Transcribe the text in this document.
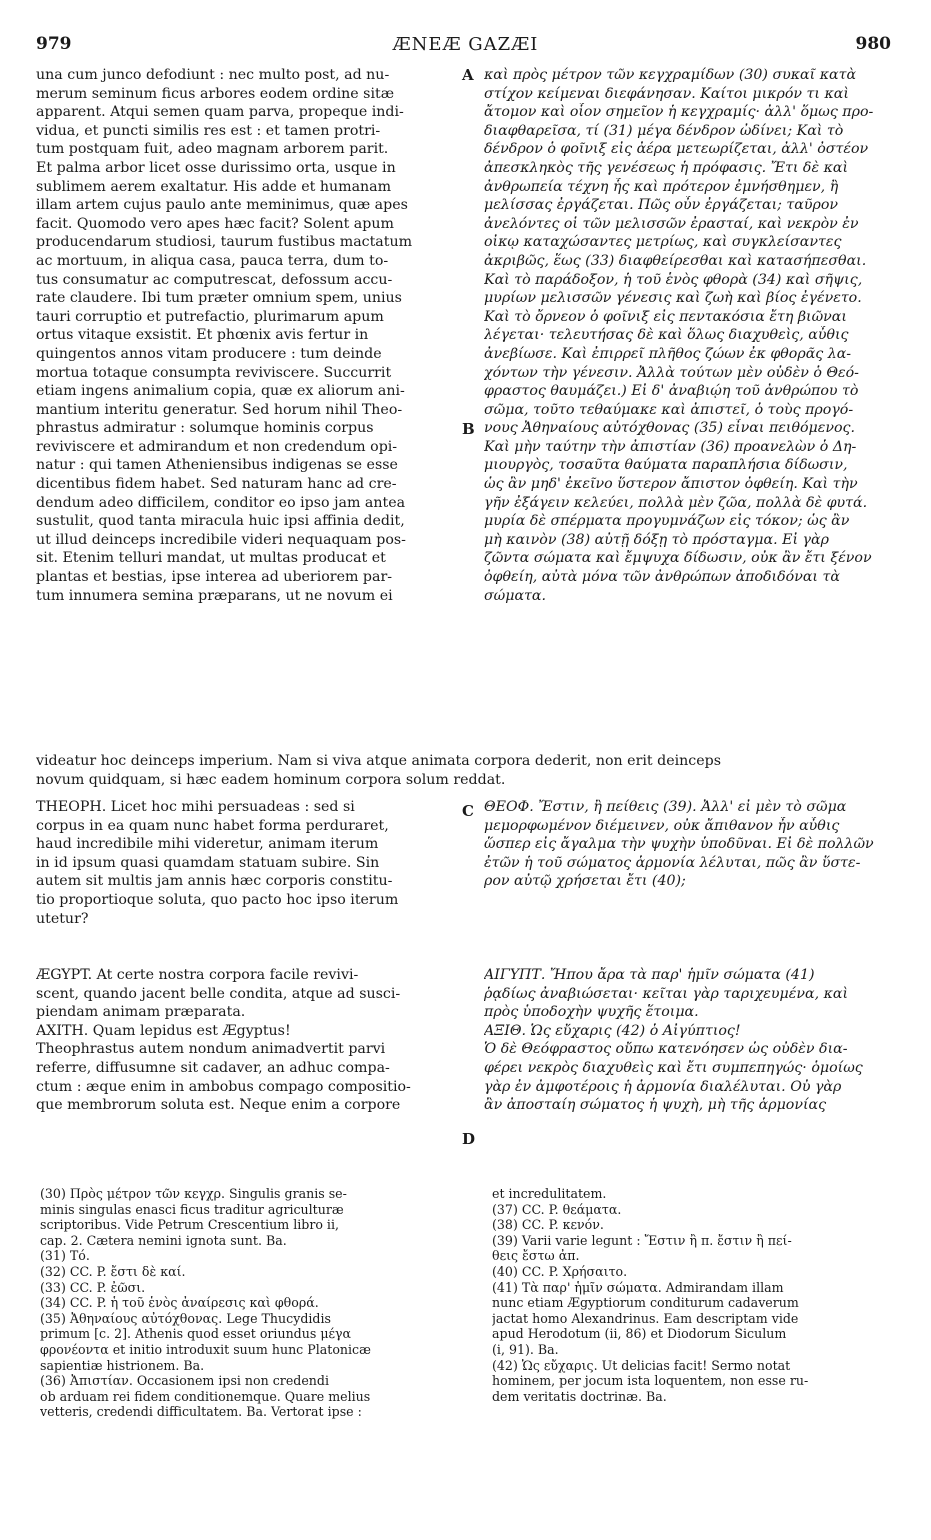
979	ÆNEÆ GAZÆI	980
A
B
C
D

una cum junco defodiunt : nec multo post, ad nu-

merum seminum ficus arbores eodem ordine sitæ

apparent. Atqui semen quam parva, propeque indi-

vidua, et puncti similis res est : et tamen protri-

tum postquam fuit, adeo magnam arborem parit.

Et palma arbor licet osse durissimo orta, usque in

sublimem aerem exaltatur. His adde et humanam

illam artem cujus paulo ante meminimus, quæ apes

facit. Quomodo vero apes hæc facit? Solent apum

producendarum studiosi, taurum fustibus mactatum

ac mortuum, in aliqua casa, pauca terra, dum to-

tus consumatur ac computrescat, defossum accu-

rate claudere. Ibi tum præter omnium spem, unius

tauri corruptio et putrefactio, plurimarum apum

ortus vitaque exsistit. Et phœnix avis fertur in

quingentos annos vitam producere : tum deinde

mortua totaque consumpta reviviscere. Succurrit

etiam ingens animalium copia, quæ ex aliorum ani-

mantium interitu generatur. Sed horum nihil Theo-

phrastus admiratur : solumque hominis corpus

reviviscere et admirandum et non credendum opi-

natur : qui tamen Atheniensibus indigenas se esse

dicentibus fidem habet. Sed naturam hanc ad cre-

dendum adeo difficilem, conditor eo ipso jam antea

sustulit, quod tanta miracula huic ipsi affinia dedit,

ut illud deinceps incredibile videri nequaquam pos-

sit. Etenim telluri mandat, ut multas producat et

plantas et bestias, ipse interea ad uberiorem par-

tum innumera semina præparans, ut ne novum ei

καὶ πρὸς μέτρον τῶν κεγχραμίδων (30) συκαῖ κατὰ

στίχον κείμεναι διεφάνησαν. Καίτοι μικρόν τι καὶ

ἄτομον καὶ οἷον σημεῖον ἡ κεγχραμίς· ἀλλ' ὅμως προ-

διαφθαρεῖσα, τί (31) μέγα δένδρον ὠδίνει; Καὶ τὸ

δένδρον ὁ φοῖνιξ εἰς ἀέρα μετεωρίζεται, ἀλλ' ὀστέον

ἀπεσκληκὸς τῆς γενέσεως ἡ πρόφασις. Ἔτι δὲ καὶ

ἀνθρωπεία τέχνη ἧς καὶ πρότερον ἐμνήσθημεν, ἢ

μελίσσας ἐργάζεται. Πῶς οὖν ἐργάζεται; ταῦρον

ἀνελόντες οἱ τῶν μελισσῶν ἐρασταί, καὶ νεκρὸν ἐν

οἰκῳ καταχώσαντες μετρίως, καὶ συγκλείσαντες

ἀκριβῶς, ἕως (33) διαφθείρεσθαι καὶ κατασήπεσθαι.

Καὶ τὸ παράδοξον, ἡ τοῦ ἑνὸς φθορὰ (34) καὶ σῆψις,

μυρίων μελισσῶν γένεσις καὶ ζωὴ καὶ βίος ἐγένετο.

Καὶ τὸ ὄρνεον ὁ φοῖνιξ εἰς πεντακόσια ἔτη βιῶναι

λέγεται· τελευτήσας δὲ καὶ ὅλως διαχυθεὶς, αὖθις

ἀνεβίωσε. Καὶ ἐπιρρεῖ πλῆθος ζώων ἐκ φθορᾶς λα-

χόντων τὴν γένεσιν. Ἀλλὰ τούτων μὲν οὐδὲν ὁ Θεό-

φραστος θαυμάζει.) Εἰ δ' ἀναβιῴη τοῦ ἀνθρώπου τὸ

σῶμα, τοῦτο τεθαύμακε καὶ ἀπιστεῖ, ὁ τοὺς προγό-

νους Ἀθηναίους αὐτόχθονας (35) εἶναι πειθόμενος.

Καὶ μὴν ταύτην τὴν ἀπιστίαν (36) προανελὼν ὁ Δη-

μιουργὸς, τοσαῦτα θαύματα παραπλήσια δίδωσιν,

ὡς ἂν μηδ' ἐκεῖνο ὕστερον ἄπιστον ὀφθείη. Καὶ τὴν

γῆν ἐξάγειν κελεύει, πολλὰ μὲν ζῶα, πολλὰ δὲ φυτά.

μυρία δὲ σπέρματα προγυμνάζων εἰς τόκον; ὡς ἂν

μὴ καινὸν (38) αὐτῇ δόξῃ τὸ πρόσταγμα. Εἰ γὰρ

ζῶντα σώματα καὶ ἔμψυχα δίδωσιν, οὐκ ἂν ἔτι ξένον

ὀφθείη, αὐτὰ μόνα τῶν ἀνθρώπων ἀποδιδόναι τὰ

σώματα.

videatur hoc deinceps imperium. Nam si viva atque animata corpora dederit, non erit deinceps

novum quidquam, si hæc eadem hominum corpora solum reddat.

THEOPH. Licet hoc mihi persuadeas : sed si

corpus in ea quam nunc habet forma perduraret,

haud incredibile mihi videretur, animam iterum

in id ipsum quasi quamdam statuam subire. Sin

autem sit multis jam annis hæc corporis constitu-

tio proportioque soluta, quo pacto hoc ipso iterum

utetur?

ΘΕΟΦ. Ἔστιν, ἢ πείθεις (39). Ἀλλ' εἰ μὲν τὸ σῶμα

μεμορφωμένον διέμεινεν, οὐκ ἄπιθανον ἦν αὖθις

ὥσπερ εἰς ἄγαλμα τὴν ψυχὴν ὑποδῦναι. Εἰ δὲ πολλῶν

ἐτῶν ἡ τοῦ σώματος ἁρμονία λέλυται, πῶς ἂν ὕστε-

ρον αὐτῷ χρήσεται ἔτι (40);

ÆGYPT. At certe nostra corpora facile revivi-

scent, quando jacent belle condita, atque ad susci-

piendam animam præparata.

AXITH. Quam lepidus est Ægyptus!

Theophrastus autem nondum animadvertit parvi

referre, diffusumne sit cadaver, an adhuc compa-

ctum : æque enim in ambobus compago compositio-

que membrorum soluta est. Neque enim a corpore

ΑΙΓΥΠΤ. Ἤπου ἄρα τὰ παρ' ἡμῖν σώματα (41)

ῥᾳδίως ἀναβιώσεται· κεῖται γὰρ ταριχευμένα, καὶ

πρὸς ὑποδοχὴν ψυχῆς ἕτοιμα.

ΑΞΙΘ. Ὡς εὔχαρις (42) ὁ Αἰγύπτιος!

Ὁ δὲ Θεόφραστος οὔπω κατενόησεν ὡς οὐδὲν δια-

φέρει νεκρὸς διαχυθεὶς καὶ ἔτι συμπεπηγώς· ὁμοίως

γὰρ ἐν ἀμφοτέροις ἡ ἁρμονία διαλέλυται. Οὐ γὰρ

ἂν ἀποσταίη σώματος ἡ ψυχὴ, μὴ τῆς ἁρμονίας

(30) Πρὸς μέτρον τῶν κεγχρ. Singulis granis se-

minis singulas enasci ficus traditur agriculturæ

scriptoribus. Vide Petrum Crescentium libro ii,

cap. 2. Cætera nemini ignota sunt. Ba.

(31) Τό.

(32) CC. P. ἔστι δὲ καί.

(33) CC. P. ἐῶσι.

(34) CC. P. ἡ τοῦ ἑνὸς ἀναίρεσις καὶ φθορά.

(35) Ἀθηναίους αὐτόχθονας. Lege Thucydidis

primum [c. 2]. Athenis quod esset oriundus μέγα

φρονέοντα et initio introduxit suum hunc Platonicæ

sapientiæ histrionem. Ba.

(36) Ἀπιστίαν. Occasionem ipsi non credendi

ob arduam rei fidem conditionemque. Quare melius

vetteris, credendi difficultatem. Ba. Vertorat ipse :

et incredulitatem.

(37) CC. P. θεάματα.

(38) CC. P. κενόν.

(39) Varii varie legunt : Ἔστιν ἢ π. ἔστιν ἢ πεί-

θεις ἔστω ἀπ.

(40) CC. P. Χρήσαιτο.

(41) Τὰ παρ' ἡμῖν σώματα. Admirandam illam

nunc etiam Ægyptiorum conditurum cadaverum

jactat homo Alexandrinus. Eam descriptam vide

apud Herodotum (ii, 86) et Diodorum Siculum

(i, 91). Ba.

(42) Ὡς εὔχαρις. Ut delicias facit! Sermo notat

hominem, per jocum ista loquentem, non esse ru-

dem veritatis doctrinæ. Ba.
